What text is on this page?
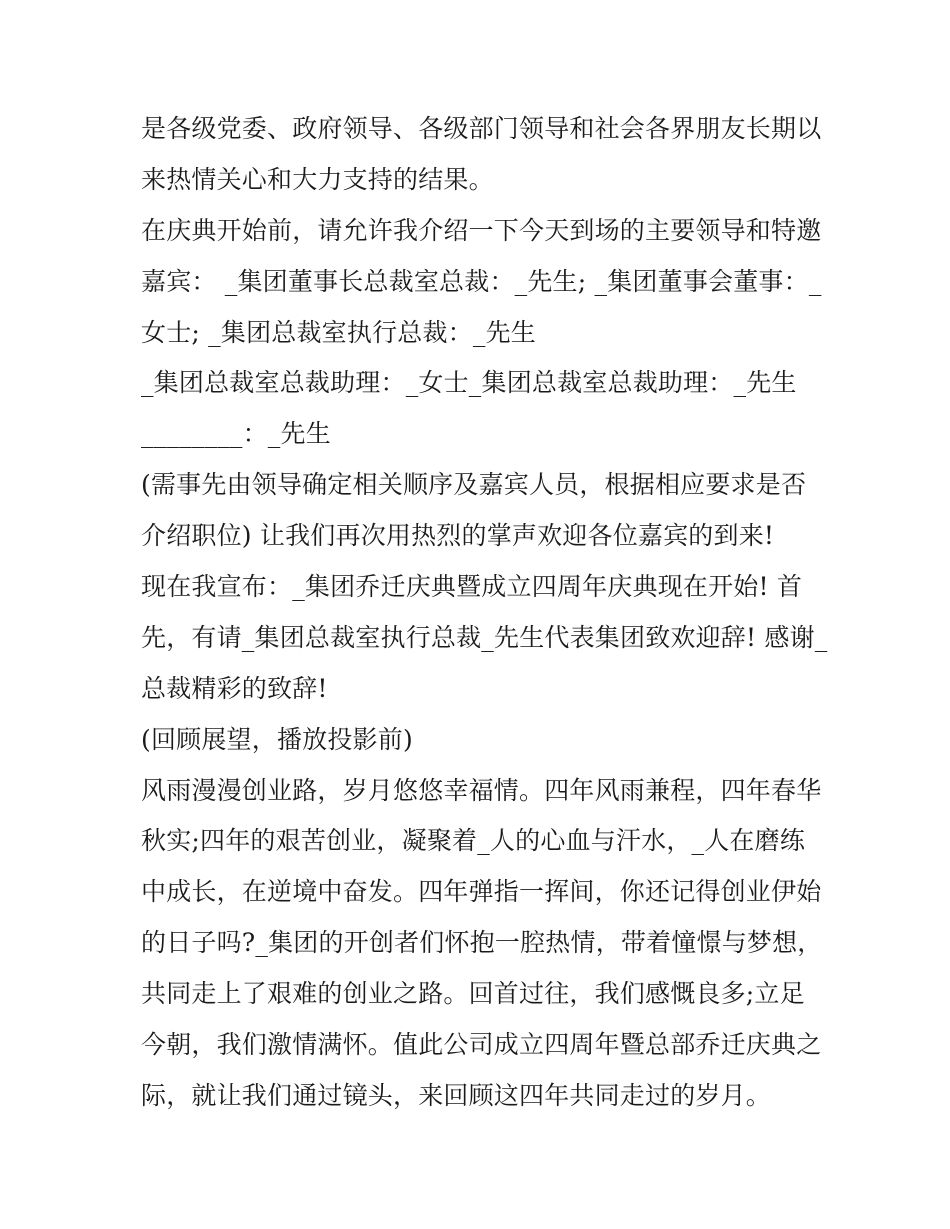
是各级党委、政府领导、各级部门领导和社会各界朋友长期以
来热情关心和大力支持的结果。
在庆典开始前，请允许我介绍一下今天到场的主要领导和特邀
嘉宾： _集团董事长总裁室总裁：_先生; _集团董事会董事：_
女士; _集团总裁室执行总裁：_先生
_集团总裁室总裁助理：_女士_集团总裁室总裁助理：_先生
________：_先生
(需事先由领导确定相关顺序及嘉宾人员，根据相应要求是否
介绍职位) 让我们再次用热烈的掌声欢迎各位嘉宾的到来!
现在我宣布：_集团乔迁庆典暨成立四周年庆典现在开始! 首
先，有请_集团总裁室执行总裁_先生代表集团致欢迎辞! 感谢_
总裁精彩的致辞!
(回顾展望，播放投影前)
风雨漫漫创业路，岁月悠悠幸福情。四年风雨兼程，四年春华
秋实;四年的艰苦创业，凝聚着_人的心血与汗水，_人在磨练
中成长，在逆境中奋发。四年弹指一挥间，你还记得创业伊始
的日子吗?_集团的开创者们怀抱一腔热情，带着憧憬与梦想，
共同走上了艰难的创业之路。回首过往，我们感慨良多;立足
今朝，我们激情满怀。值此公司成立四周年暨总部乔迁庆典之
际，就让我们通过镜头，来回顾这四年共同走过的岁月。
